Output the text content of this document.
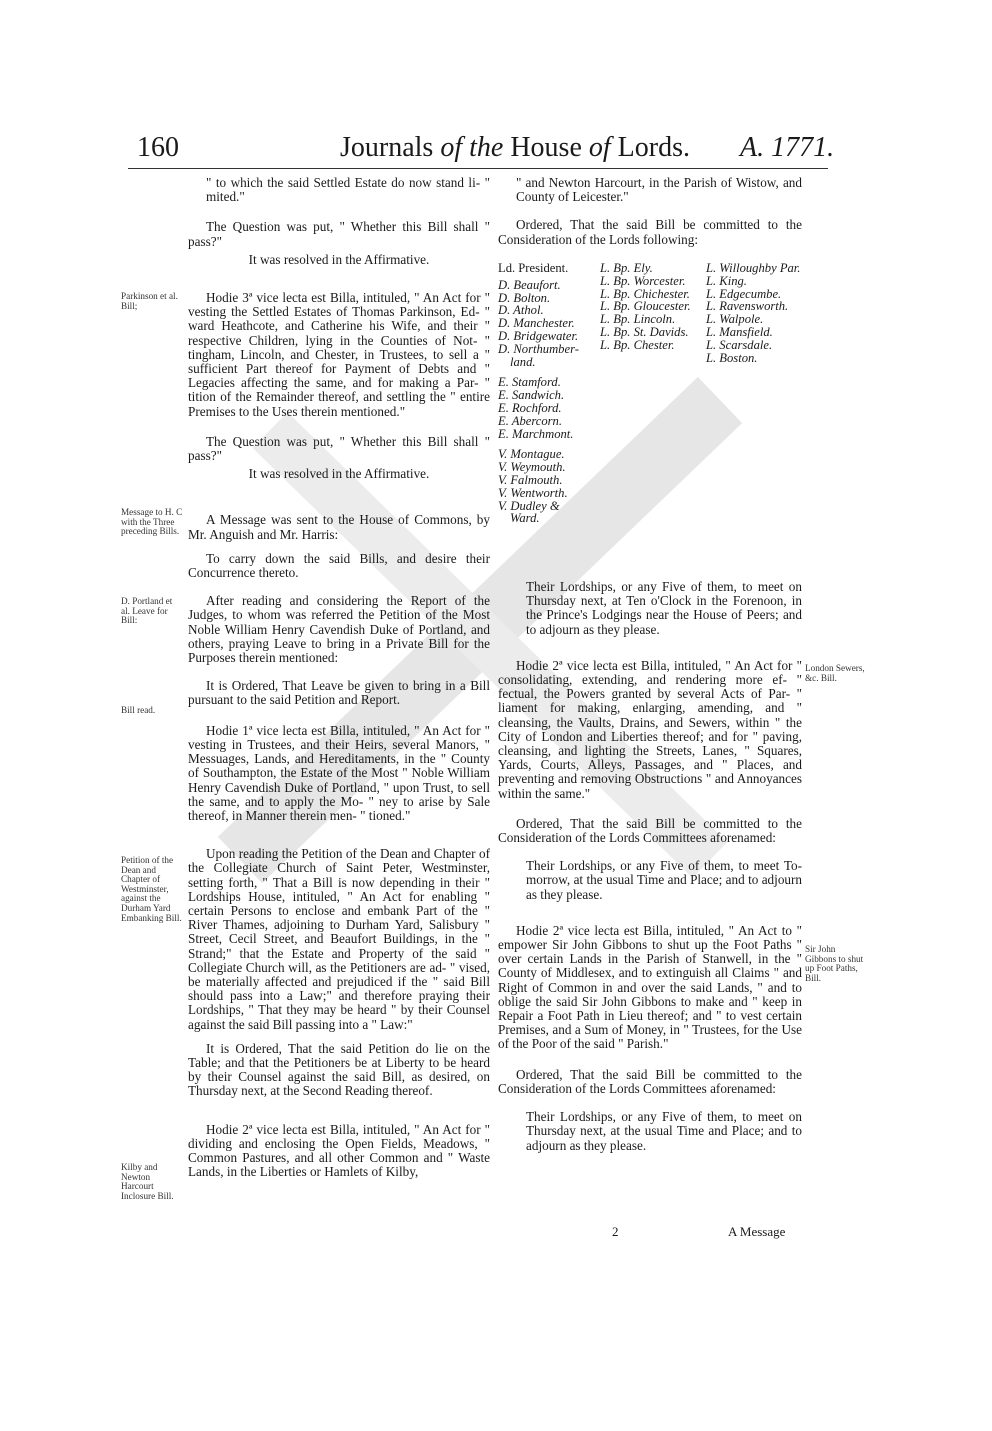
160	Journals of the House of Lords. A. 1771.

" to which the said Settled Estate do now stand li- " mited."

The Question was put, " Whether this Bill shall " pass?"

It was resolved in the Affirmative.

Hodie 3ª vice lecta est Billa, intituled, " An Act for " vesting the Settled Estates of Thomas Parkinson, Ed- " ward Heathcote, and Catherine his Wife, and their " respective Children, lying in the Counties of Not- " tingham, Lincoln, and Chester, in Trustees, to sell a " sufficient Part thereof for Payment of Debts and " Legacies affecting the same, and for making a Par- " tition of the Remainder thereof, and settling the " entire Premises to the Uses therein mentioned."

The Question was put, " Whether this Bill shall " pass?"

It was resolved in the Affirmative.

A Message was sent to the House of Commons, by Mr. Anguish and Mr. Harris:

To carry down the said Bills, and desire their Concurrence thereto.

After reading and considering the Report of the Judges, to whom was referred the Petition of the Most Noble William Henry Cavendish Duke of Portland, and others, praying Leave to bring in a Private Bill for the Purposes therein mentioned:

It is Ordered, That Leave be given to bring in a Bill pursuant to the said Petition and Report.

Hodie 1ª vice lecta est Billa, intituled, " An Act for " vesting in Trustees, and their Heirs, several Manors, " Messuages, Lands, and Hereditaments, in the " County of Southampton, the Estate of the Most " Noble William Henry Cavendish Duke of Portland, " upon Trust, to sell the same, and to apply the Mo- " ney to arise by Sale thereof, in Manner therein men- " tioned."

Upon reading the Petition of the Dean and Chapter of the Collegiate Church of Saint Peter, Westminster, setting forth, " That a Bill is now depending in their " Lordships House, intituled, " An Act for enabling " certain Persons to enclose and embank Part of the " River Thames, adjoining to Durham Yard, Salisbury " Street, Cecil Street, and Beaufort Buildings, in the " Strand;" that the Estate and Property of the said " Collegiate Church will, as the Petitioners are ad- " vised, be materially affected and prejudiced if the " said Bill should pass into a Law;" and therefore praying their Lordships, " That they may be heard " by their Counsel against the said Bill passing into a " Law:"

It is Ordered, That the said Petition do lie on the Table; and that the Petitioners be at Liberty to be heard by their Counsel against the said Bill, as desired, on Thursday next, at the Second Reading thereof.

Hodie 2ª vice lecta est Billa, intituled, " An Act for " dividing and enclosing the Open Fields, Meadows, " Common Pastures, and all other Common and " Waste Lands, in the Liberties or Hamlets of Kilby,

Parkinson et al. Bill;
Message to H. C with the Three preceding Bills.
D. Portland et al. Leave for Bill:
Bill read.
Petition of the Dean and Chapter of Westminster, against the Durham Yard Embanking Bill.
Kilby and Newton Harcourt Inclosure Bill.

" and Newton Harcourt, in the Parish of Wistow, and County of Leicester."

Ordered, That the said Bill be committed to the Consideration of the Lords following:

Ld. President.
D. Beaufort.
D. Bolton.
D. Athol.
D. Manchester.
D. Bridgewater.
D. Northumber- land.
E. Stamford.
E. Sandwich.
E. Rochford.
E. Abercorn.
E. Marchmont.
V. Montague.
V. Weymouth.
V. Falmouth.
V. Wentworth.
V. Dudley & Ward.
L. Bp. Ely.
L. Bp. Worcester.
L. Bp. Chichester.
L. Bp. Gloucester.
L. Bp. Lincoln.
L. Bp. St. Davids.
L. Bp. Chester.
L. Willoughby Par.
L. King.
L. Edgecumbe.
L. Ravensworth.
L. Walpole.
L. Mansfield.
L. Scarsdale.
L. Boston.

Their Lordships, or any Five of them, to meet on Thursday next, at Ten o'Clock in the Forenoon, in the Prince's Lodgings near the House of Peers; and to adjourn as they please.

Hodie 2ª vice lecta est Billa, intituled, " An Act for " consolidating, extending, and rendering more ef- " fectual, the Powers granted by several Acts of Par- " liament for making, enlarging, amending, and " cleansing, the Vaults, Drains, and Sewers, within " the City of London and Liberties thereof; and for " paving, cleansing, and lighting the Streets, Lanes, " Squares, Yards, Courts, Alleys, Passages, and " Places, and preventing and removing Obstructions " and Annoyances within the same."

Ordered, That the said Bill be committed to the Consideration of the Lords Committees aforenamed:

Their Lordships, or any Five of them, to meet To-morrow, at the usual Time and Place; and to adjourn as they please.

Hodie 2ª vice lecta est Billa, intituled, " An Act to " empower Sir John Gibbons to shut up the Foot Paths " over certain Lands in the Parish of Stanwell, in the " County of Middlesex, and to extinguish all Claims " and Right of Common in and over the said Lands, " and to oblige the said Sir John Gibbons to make and " keep in Repair a Foot Path in Lieu thereof; and " to vest certain Premises, and a Sum of Money, in " Trustees, for the Use of the Poor of the said " Parish."

Ordered, That the said Bill be committed to the Consideration of the Lords Committees aforenamed:

Their Lordships, or any Five of them, to meet on Thursday next, at the usual Time and Place; and to adjourn as they please.

London Sewers, &c. Bill.
Sir John Gibbons to shut up Foot Paths, Bill.
2	A Message
